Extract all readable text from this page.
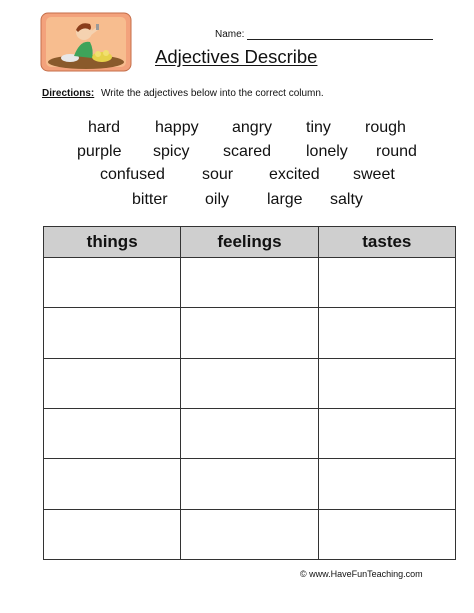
Name:
Adjectives Describe
Directions: Write the adjectives below into the correct column.
hard happy angry tiny rough
purple spicy scared lonely round
confused sour excited sweet
bitter oily large salty
things	feelings	tastes

© www.HaveFunTeaching.com
